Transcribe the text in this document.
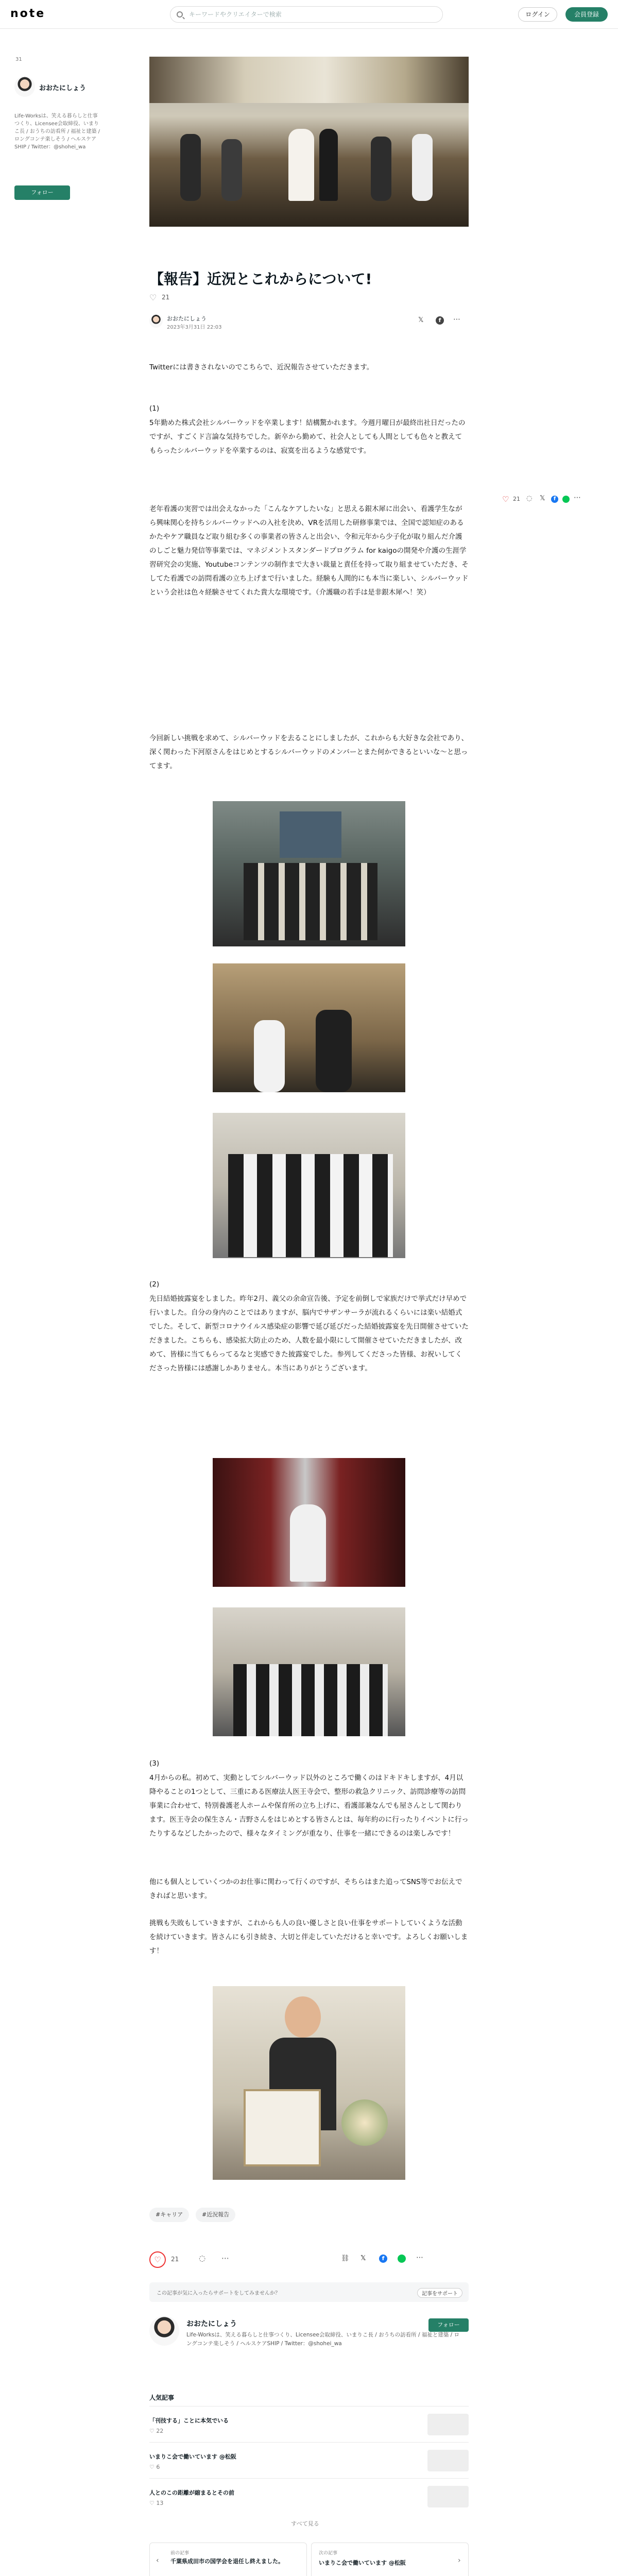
note	キーワードやクリエイターで検索	ログイン	会員登録
31
おおたにしょう
Life-Worksは、笑える暮らしと仕事つくり、Licensee会取締役、いまりこ長 / おうちの訪看所 / 福祉と建築 / ロングコンテ楽しそう / ヘルスケアSHIP / Twitter：@shohei_wa
フォロー
【報告】近況とこれからについて!
♡ 21
おおたにしょう
2023年3月31日 22:03
𝕏	f	⋯
Twitterには書きされないのでこちらで、近況報告させていただきます。
(1)
5年勤めた株式会社シルバーウッドを卒業します！結構驚かれます。今週月曜日が最終出社日だったのですが、すごくド言論な気持ちでした。新卒から勤めて、社会人としても人間としても色々と教えてもらったシルバーウッドを卒業するのは、寂寞を出るような感覚です。
老年看護の実習では出会えなかった「こんなケアしたいな」と思える銀木犀に出会い、看護学生ながら興味関心を持ちシルバーウッドへの入社を決め、VRを活用した研修事業では、全国で認知症のあるかたやケア職員など取り組む多くの事業者の皆さんと出会い、令和元年から少子化が取り組んだ介護のしごと魅力発信等事業では、マネジメントスタンダードプログラム for kaigoの開発や介護の生涯学習研究会の実施、Youtubeコンテンツの制作まで大きい裁量と責任を持って取り組ませていただき、そしてた看護での訪問看護の立ち上げまで行いました。経験も人間的にも本当に楽しい、シルバーウッドという会社は色々経験させてくれた貴大な環境です。（介護職の若手は是非銀木犀へ！笑）
今回新しい挑戦を求めて、シルバーウッドを去ることにしましたが、これからも大好きな会社であり、深く関わった下河原さんをはじめとするシルバーウッドのメンバーとまた何かできるといいな〜と思ってます。
♡ 21 ◌ 𝕏	f	⋯
(2)
先日結婚披露宴をしました。昨年2月、義父の余命宣告後、予定を前倒しで家族だけで挙式だけ早めで行いました。自分の身内のことではありますが、脳内でサザンサーラが流れるくらいには楽い結婚式でした。そして、新型コロナウイルス感染症の影響で延び延びだった結婚披露宴を先日開催させていただきました。こちらも、感染拡大防止のため、人数を最小限にして開催させていただきましたが、改めて、皆様に当てもらってるなと実感できた披露宴でした。参列してくださった皆様、お祝いしてくださった皆様には感謝しかありません。本当にありがとうございます。
(3)
4月からの私。初めて、実動としてシルバーウッド以外のところで働くのはドキドキしますが、4月以降やることの1つとして、三重にある医療法人医王寺会で、整形の救急クリニック、訪問診療等の訪問事業に合わせて、特別養護老人ホームや保育所の立ち上げに、看護部兼なんでも屋さんとして関わります。医王寺会の保生さん・吉野さんをはじめとする皆さんとは、毎年約のに行ったりイベントに行ったりするなどしたかったので、様々なタイミングが重なり、仕事を一緒にできるのは楽しみです！
他にも個人としていくつかのお仕事に関わって行くのですが、そちらはまた追ってSNS等でお伝えできればと思います。
挑戦も失敗もしていきますが、これからも人の良い優しさと良い仕事をサポートしていくような活動を続けていきます。皆さんにも引き続き、大切と伴走していただけると幸いです。よろしくお願いします！
#キャリア	#近況報告
♡	21	◌ ⋯	⛓ 𝕏	f	⋯
この記事が気に入ったらサポートをしてみませんか？	記事をサポート
おおたにしょう
Life-Worksは、笑える暮らしと仕事つくり、Licensee会取締役、いまりこ長 / おうちの訪看所 / 福祉と建築 / ロングコンテ楽しそう / ヘルスケアSHIP / Twitter：@shohei_wa
フォロー
人気記事
「刊技する」ことに本気でいる
♡ 22
いまりこ会で働いています @松阪
♡ 6
人とのこの距離が縮まるとその前
♡ 13
すべて見る
‹
前の記事
千葉県成田市の国学会を退任し終えました。
次の記事
いまりこ会で働いています @松阪	›
